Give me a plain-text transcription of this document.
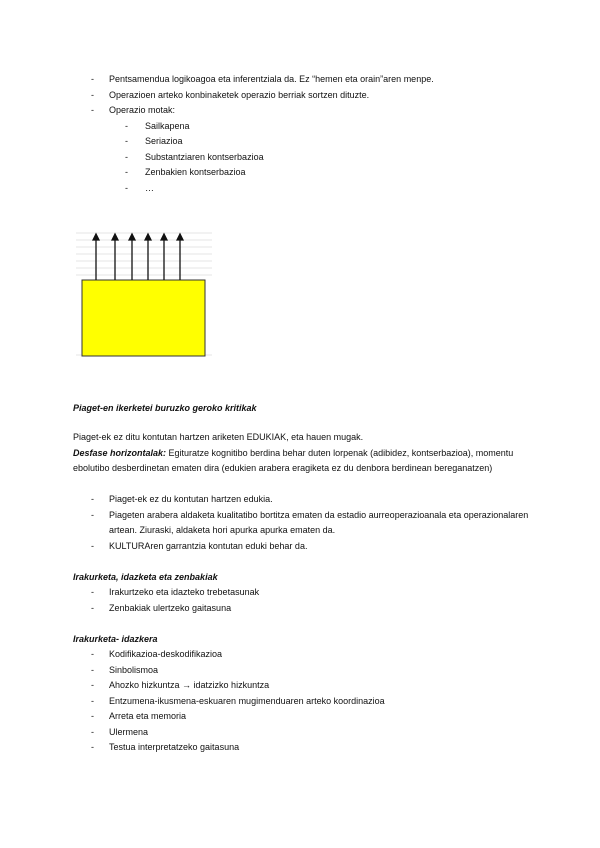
- Pentsamendua logikoagoa eta inferentziala da. Ez “hemen eta orain”aren menpe.
- Operazioen arteko konbinaketek operazio berriak sortzen dituzte.
- Operazio motak:
- Sailkapena
- Seriazioa
- Substantziaren kontserbazioa
- Zenbakien kontserbazioa
- …
Piaget-en ikerketei buruzko geroko kritikak

Piaget-ek ez ditu kontutan hartzen ariketen EDUKIAK, eta hauen mugak.

Desfase horizontalak: Egituratze kognitibo berdina behar duten lorpenak (adibidez, kontserbazioa), momentu ebolutibo desberdinetan ematen dira (edukien arabera eragiketa ez du denbora berdinean bereganatzen)

- Piaget-ek ez du kontutan hartzen edukia.
- Piageten arabera aldaketa kualitatibo bortitza ematen da estadio aurreoperazioanala eta operazionalaren artean. Ziuraski, aldaketa hori apurka apurka ematen da.
- KULTURAren garrantzia kontutan eduki behar da.
Irakurketa, idazketa eta zenbakiak
- Irakurtzeko eta idazteko trebetasunak
- Zenbakiak ulertzeko gaitasuna
Irakurketa- idazkera
- Kodifikazioa-deskodifikazioa
- Sinbolismoa
- Ahozko hizkuntza → idatzizko hizkuntza
- Entzumena-ikusmena-eskuaren mugimenduaren arteko koordinazioa
- Arreta eta memoria
- Ulermena
- Testua interpretatzeko gaitasuna
